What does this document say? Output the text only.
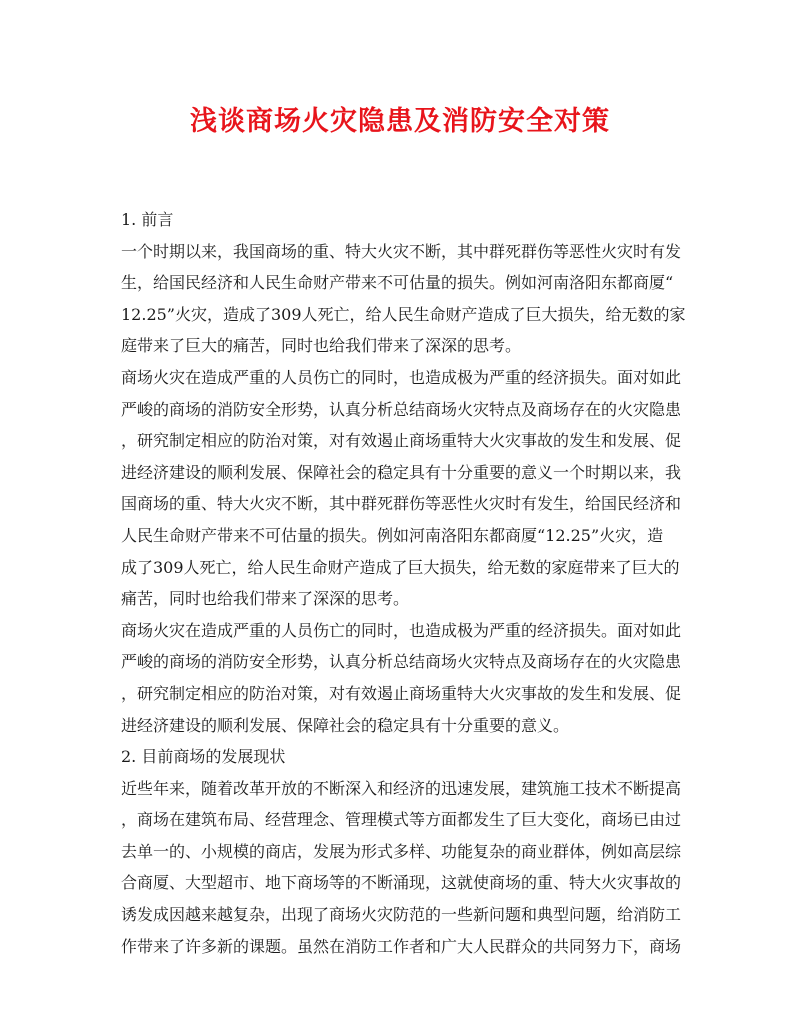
浅谈商场火灾隐患及消防安全对策
1. 前言
一个时期以来，我国商场的重、特大火灾不断，其中群死群伤等恶性火灾时有发
生，给国民经济和人民生命财产带来不可估量的损失。例如河南洛阳东都商厦“
12.25”火灾，造成了309人死亡，给人民生命财产造成了巨大损失，给无数的家
庭带来了巨大的痛苦，同时也给我们带来了深深的思考。
商场火灾在造成严重的人员伤亡的同时，也造成极为严重的经济损失。面对如此
严峻的商场的消防安全形势，认真分析总结商场火灾特点及商场存在的火灾隐患
，研究制定相应的防治对策，对有效遏止商场重特大火灾事故的发生和发展、促
进经济建设的顺利发展、保障社会的稳定具有十分重要的意义一个时期以来，我
国商场的重、特大火灾不断，其中群死群伤等恶性火灾时有发生，给国民经济和
人民生命财产带来不可估量的损失。例如河南洛阳东都商厦“12.25”火灾，造
成了309人死亡，给人民生命财产造成了巨大损失，给无数的家庭带来了巨大的
痛苦，同时也给我们带来了深深的思考。
商场火灾在造成严重的人员伤亡的同时，也造成极为严重的经济损失。面对如此
严峻的商场的消防安全形势，认真分析总结商场火灾特点及商场存在的火灾隐患
，研究制定相应的防治对策，对有效遏止商场重特大火灾事故的发生和发展、促
进经济建设的顺利发展、保障社会的稳定具有十分重要的意义。
2. 目前商场的发展现状
近些年来，随着改革开放的不断深入和经济的迅速发展，建筑施工技术不断提高
，商场在建筑布局、经营理念、管理模式等方面都发生了巨大变化，商场已由过
去单一的、小规模的商店，发展为形式多样、功能复杂的商业群体，例如高层综
合商厦、大型超市、地下商场等的不断涌现，这就使商场的重、特大火灾事故的
诱发成因越来越复杂，出现了商场火灾防范的一些新问题和典型问题，给消防工
作带来了许多新的课题。虽然在消防工作者和广大人民群众的共同努力下，商场
